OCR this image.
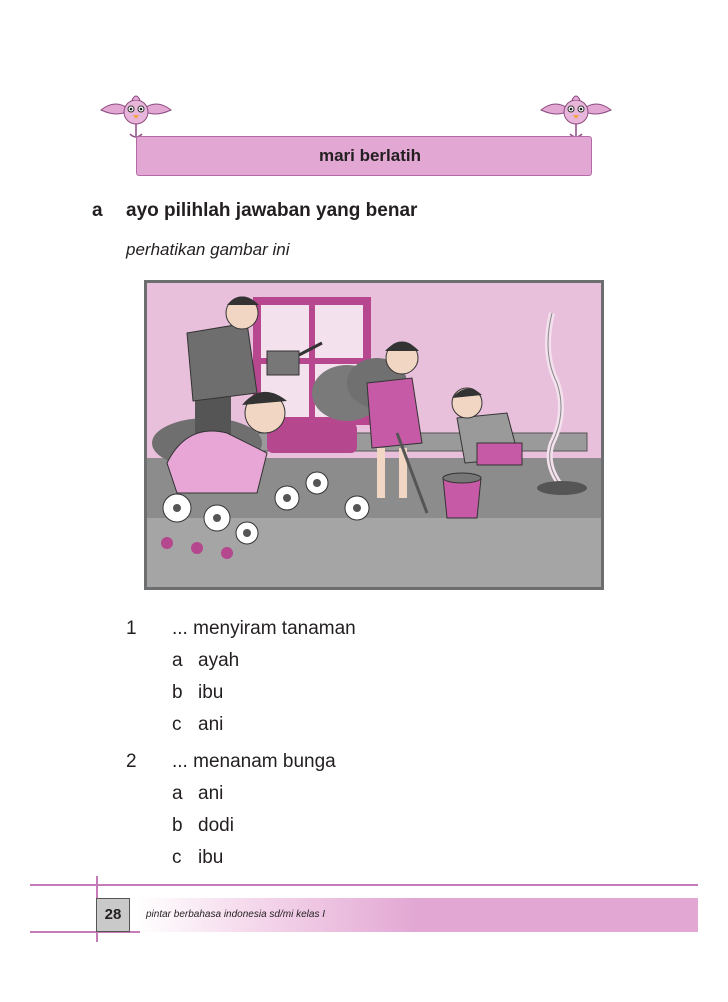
mari berlatih
a ayo pilihlah jawaban yang benar
perhatikan gambar ini
1 ... menyiram tanaman
a ayah
b ibu
c ani
2 ... menanam bunga
a ani
b dodi
c ibu
28	pintar berbahasa indonesia sd/mi kelas I
